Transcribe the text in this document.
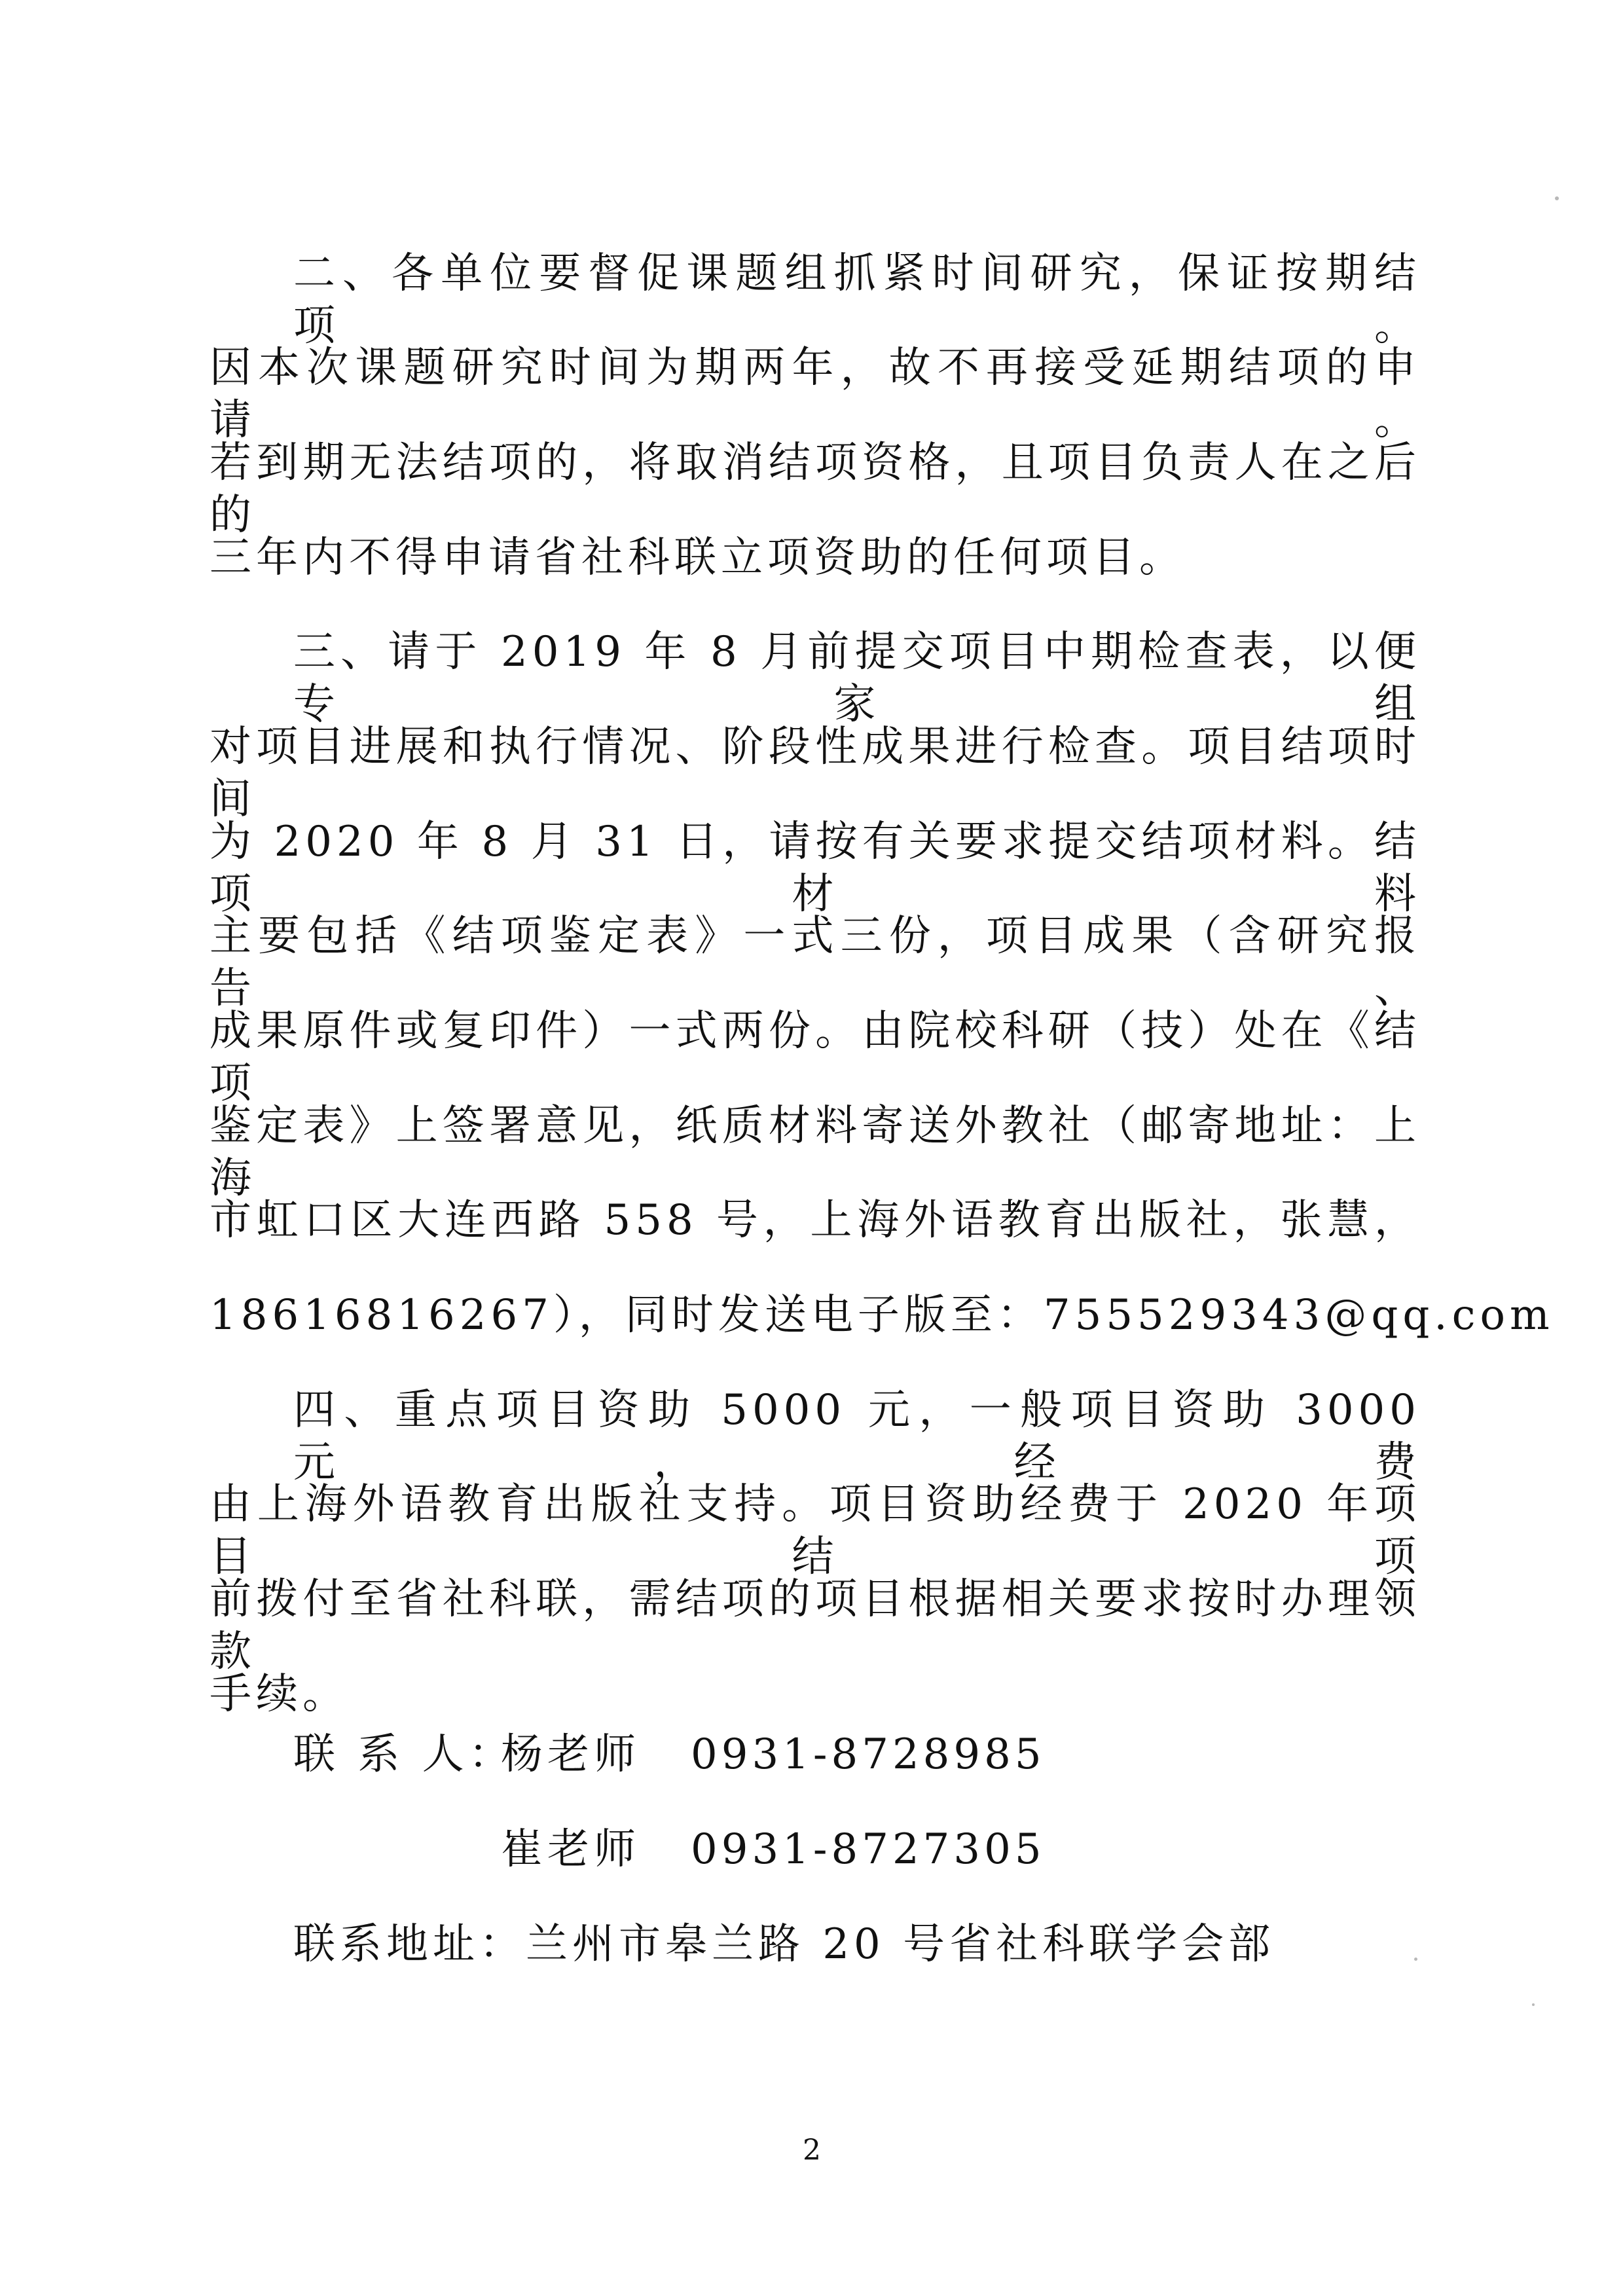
二、各单位要督促课题组抓紧时间研究，保证按期结项。
因本次课题研究时间为期两年，故不再接受延期结项的申请。
若到期无法结项的，将取消结项资格，且项目负责人在之后的
三年内不得申请省社科联立项资助的任何项目。
三、请于 2019 年 8 月前提交项目中期检查表，以便专家组
对项目进展和执行情况、阶段性成果进行检查。项目结项时间
为 2020 年 8 月 31 日，请按有关要求提交结项材料。结项材料
主要包括《结项鉴定表》一式三份，项目成果（含研究报告、
成果原件或复印件）一式两份。由院校科研（技）处在《结项
鉴定表》上签署意见，纸质材料寄送外教社（邮寄地址：上海
市虹口区大连西路 558 号，上海外语教育出版社，张慧，
18616816267），同时发送电子版至：755529343@qq.com
四、重点项目资助 5000 元，一般项目资助 3000 元，经费
由上海外语教育出版社支持。项目资助经费于 2020 年项目结项
前拨付至省社科联，需结项的项目根据相关要求按时办理领款
手续。
联 系 人：
杨老师 0931-8728985
崔老师 0931-8727305
联系地址：兰州市皋兰路 20 号省社科联学会部
2
